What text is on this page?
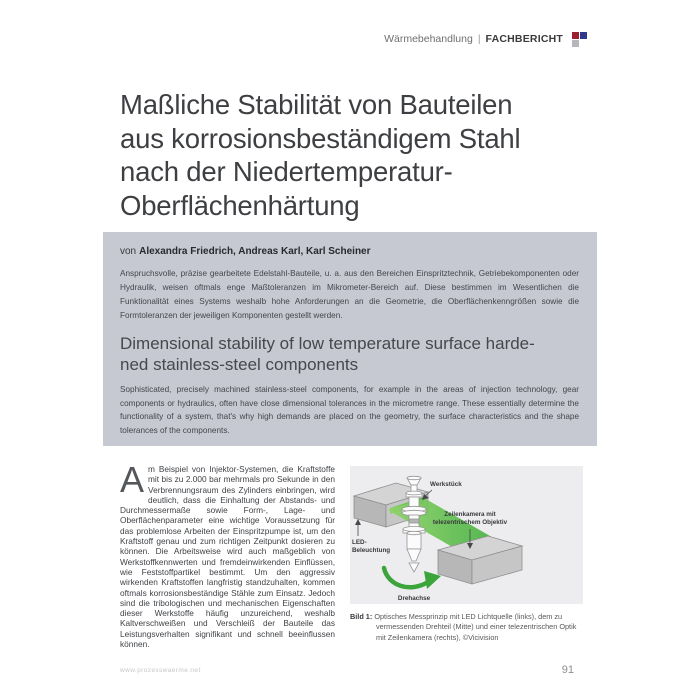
Wärmebehandlung | FACHBERICHT
Maßliche Stabilität von Bauteilen
aus korrosionsbeständigem Stahl
nach der Niedertemperatur-
Oberflächenhärtung

von Alexandra Friedrich, Andreas Karl, Karl Scheiner

Anspruchsvolle, präzise gearbeitete Edelstahl-Bauteile, u. a. aus den Bereichen Einspritztechnik, Getriebekomponenten oder Hydraulik, weisen oftmals enge Maßtoleranzen im Mikrometer-Bereich auf. Diese bestimmen im Wesentlichen die Funktionalität eines Systems weshalb hohe Anforderungen an die Geometrie, die Oberflächenkenngrößen sowie die Formtoleranzen der jeweiligen Komponenten gestellt werden.

Dimensional stability of low temperature surface harde-
ned stainless-steel components

Sophisticated, precisely machined stainless-steel components, for example in the areas of injection technology, gear components or hydraulics, often have close dimensional tolerances in the micrometre range. These essentially determine the functionality of a system, that's why high demands are placed on the geometry, the surface characteristics and the shape tolerances of the components.

Am Beispiel von Injektor-Systemen, die Kraftstoffe mit bis zu 2.000 bar mehrmals pro Sekunde in den Verbrennungsraum des Zylinders einbringen, wird deutlich, dass die Einhaltung der Abstands- und Durchmessermaße sowie Form-, Lage- und Oberflächenparameter eine wichtige Voraussetzung für das problemlose Arbeiten der Einspritzpumpe ist, um den Kraftstoff genau und zum richtigen Zeitpunkt dosieren zu können. Die Arbeitsweise wird auch maßgeblich von Werkstoffkennwerten und fremdeinwirkenden Einflüssen, wie Feststoffpartikel bestimmt. Um den aggressiv wirkenden Kraftstoffen langfristig standzuhalten, kommen oftmals korrosionsbeständige Stähle zum Einsatz. Jedoch sind die tribologischen und mechanischen Eigenschaften dieser Werkstoffe häufig unzureichend, weshalb Kaltverschweißen und Verschleiß der Bauteile das Leistungsverhalten signifikant und schnell beeinflussen können.

Werkstück
Zeilenkamera mit
telezentrischem Objektiv
LED-
Beleuchtung
Drehachse

Bild 1: Optisches Messprinzip mit LED Lichtquelle (links), dem zu vermessenden Drehteil (Mitte) und einer telezentrischen Optik mit Zeilenkamera (rechts), ©Vicivision

www.prozesswaerme.net	91
